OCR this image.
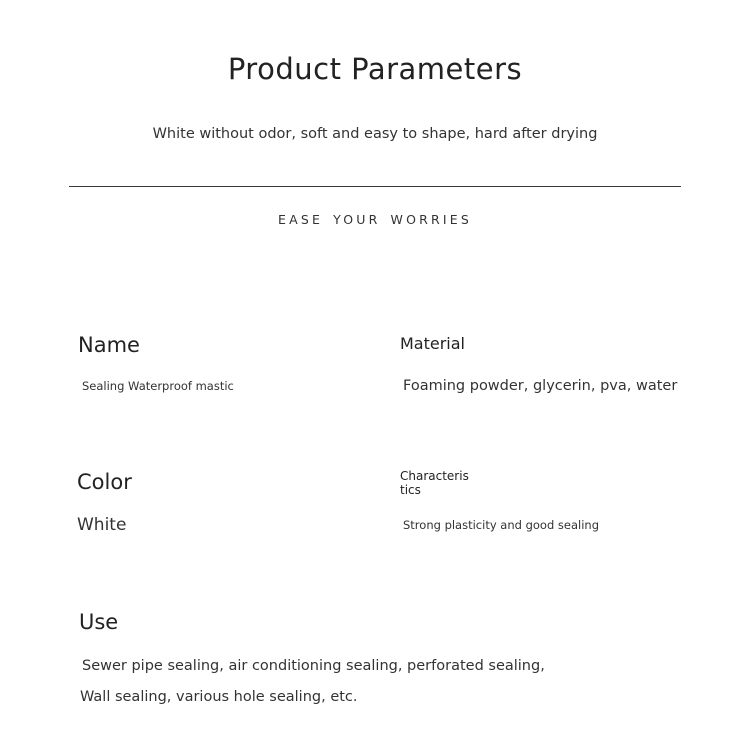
Product Parameters
White without odor, soft and easy to shape, hard after drying
EASE YOUR WORRIES
Name
Sealing Waterproof mastic
Material
Foaming powder, glycerin, pva, water
Color
White
Characteris
tics
Strong plasticity and good sealing
Use
Sewer pipe sealing, air conditioning sealing, perforated sealing,
Wall sealing, various hole sealing, etc.
